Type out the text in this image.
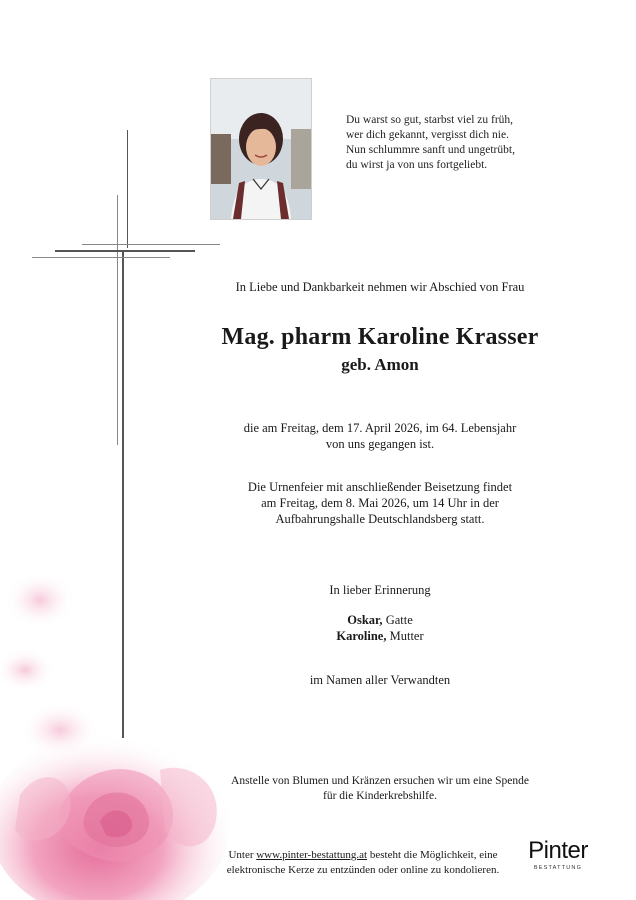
Du warst so gut, starbst viel zu früh,
wer dich gekannt, vergisst dich nie.
Nun schlummre sanft und ungetrübt,
du wirst ja von uns fortgeliebt.
In Liebe und Dankbarkeit nehmen wir Abschied von Frau
Mag. pharm Karoline Krasser
geb. Amon
die am Freitag, dem 17. April 2026, im 64. Lebensjahr
von uns gegangen ist.
Die Urnenfeier mit anschließender Beisetzung findet
am Freitag, dem 8. Mai 2026, um 14 Uhr in der
Aufbahrungshalle Deutschlandsberg statt.
In lieber Erinnerung
Oskar, Gatte
Karoline, Mutter
im Namen aller Verwandten
Anstelle von Blumen und Kränzen ersuchen wir um eine Spende
für die Kinderkrebshilfe.
Unter www.pinter-bestattung.at besteht die Möglichkeit, eine
elektronische Kerze zu entzünden oder online zu kondolieren.
Pinter
BESTATTUNG
